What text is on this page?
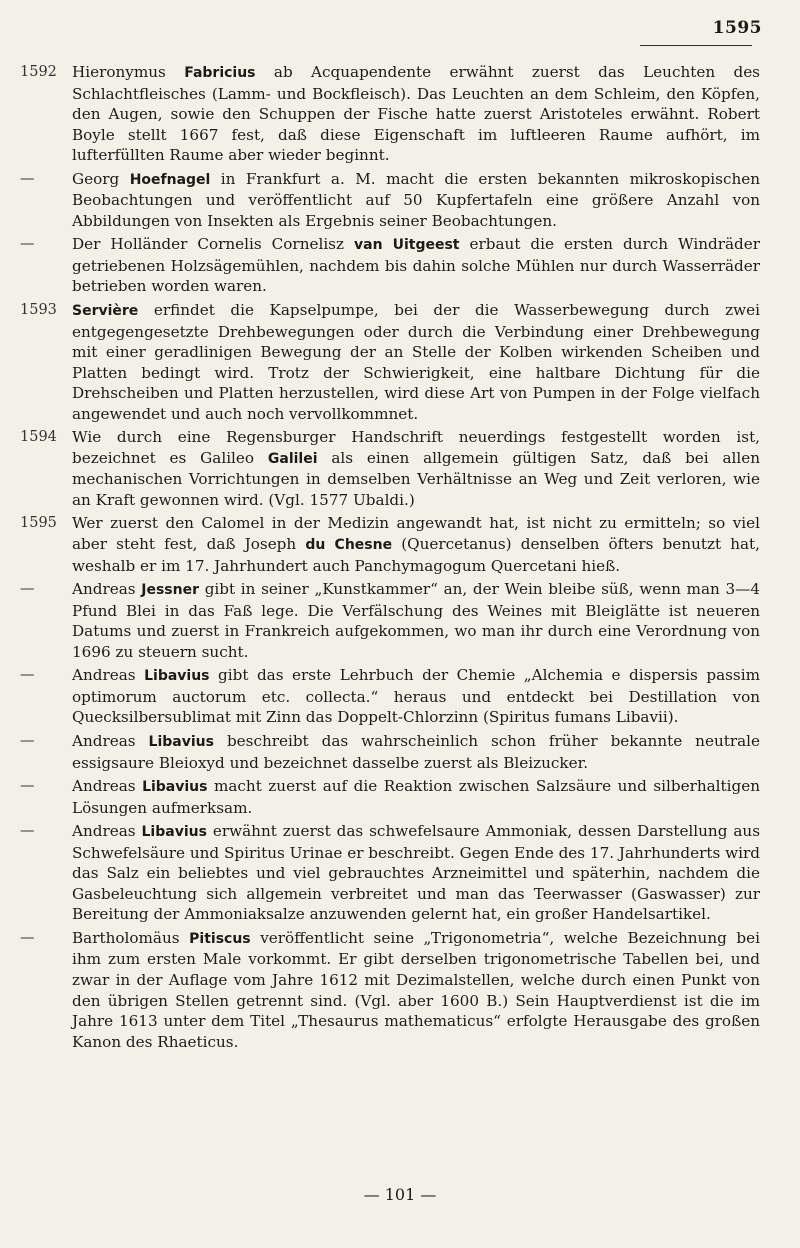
1595
1592 Hieronymus Fabricius ab Acquapendente erwähnt zuerst das Leuchten des Schlachtfleisches (Lamm- und Bockfleisch). Das Leuchten an dem Schleim, den Köpfen, den Augen, sowie den Schuppen der Fische hatte zuerst Aristoteles erwähnt. Robert Boyle stellt 1667 fest, daß diese Eigenschaft im luftleeren Raume aufhört, im lufterfüllten Raume aber wieder beginnt.
—	Georg Hoefnagel in Frankfurt a. M. macht die ersten bekannten mikroskopischen Beobachtungen und veröffentlicht auf 50 Kupfertafeln eine größere Anzahl von Abbildungen von Insekten als Ergebnis seiner Beobachtungen.
—	Der Holländer Cornelis Cornelisz van Uitgeest erbaut die ersten durch Windräder getriebenen Holzsägemühlen, nachdem bis dahin solche Mühlen nur durch Wasserräder betrieben worden waren.
1593	Servière erfindet die Kapselpumpe, bei der die Wasserbewegung durch zwei entgegengesetzte Drehbewegungen oder durch die Verbindung einer Drehbewegung mit einer geradlinigen Bewegung der an Stelle der Kolben wirkenden Scheiben und Platten bedingt wird. Trotz der Schwierigkeit, eine haltbare Dichtung für die Drehscheiben und Platten herzustellen, wird diese Art von Pumpen in der Folge vielfach angewendet und auch noch vervollkommnet.
1594 Wie durch eine Regensburger Handschrift neuerdings festgestellt worden ist, bezeichnet es Galileo Galilei als einen allgemein gültigen Satz, daß bei allen mechanischen Vorrichtungen in demselben Verhältnisse an Weg und Zeit verloren, wie an Kraft gewonnen wird. (Vgl. 1577 Ubaldi.)
1595 Wer zuerst den Calomel in der Medizin angewandt hat, ist nicht zu ermitteln; so viel aber steht fest, daß Joseph du Chesne (Quercetanus) denselben öfters benutzt hat, weshalb er im 17. Jahrhundert auch Panchymagogum Quercetani hieß.
—	Andreas Jessner gibt in seiner „Kunstkammer“ an, der Wein bleibe süß, wenn man 3—4 Pfund Blei in das Faß lege. Die Verfälschung des Weines mit Bleiglätte ist neueren Datums und zuerst in Frankreich aufgekommen, wo man ihr durch eine Verordnung von 1696 zu steuern sucht.
—	Andreas Libavius gibt das erste Lehrbuch der Chemie „Alchemia e dispersis passim optimorum auctorum etc. collecta.“ heraus und entdeckt bei Destillation von Quecksilbersublimat mit Zinn das Doppelt-Chlorzinn (Spiritus fumans Libavii).
—	Andreas Libavius beschreibt das wahrscheinlich schon früher bekannte neutrale essigsaure Bleioxyd und bezeichnet dasselbe zuerst als Bleizucker.
—	Andreas Libavius macht zuerst auf die Reaktion zwischen Salzsäure und silberhaltigen Lösungen aufmerksam.
—	Andreas Libavius erwähnt zuerst das schwefelsaure Ammoniak, dessen Darstellung aus Schwefelsäure und Spiritus Urinae er beschreibt. Gegen Ende des 17. Jahrhunderts wird das Salz ein beliebtes und viel gebrauchtes Arzneimittel und späterhin, nachdem die Gasbeleuchtung sich allgemein verbreitet und man das Teerwasser (Gaswasser) zur Bereitung der Ammoniaksalze anzuwenden gelernt hat, ein großer Handelsartikel.
—	Bartholomäus Pitiscus veröffentlicht seine „Trigonometria“, welche Bezeichnung bei ihm zum ersten Male vorkommt. Er gibt derselben trigonometrische Tabellen bei, und zwar in der Auflage vom Jahre 1612 mit Dezimalstellen, welche durch einen Punkt von den übrigen Stellen getrennt sind. (Vgl. aber 1600 B.) Sein Hauptverdienst ist die im Jahre 1613 unter dem Titel „Thesaurus mathematicus“ erfolgte Herausgabe des großen Kanon des Rhaeticus.
— 101 —
